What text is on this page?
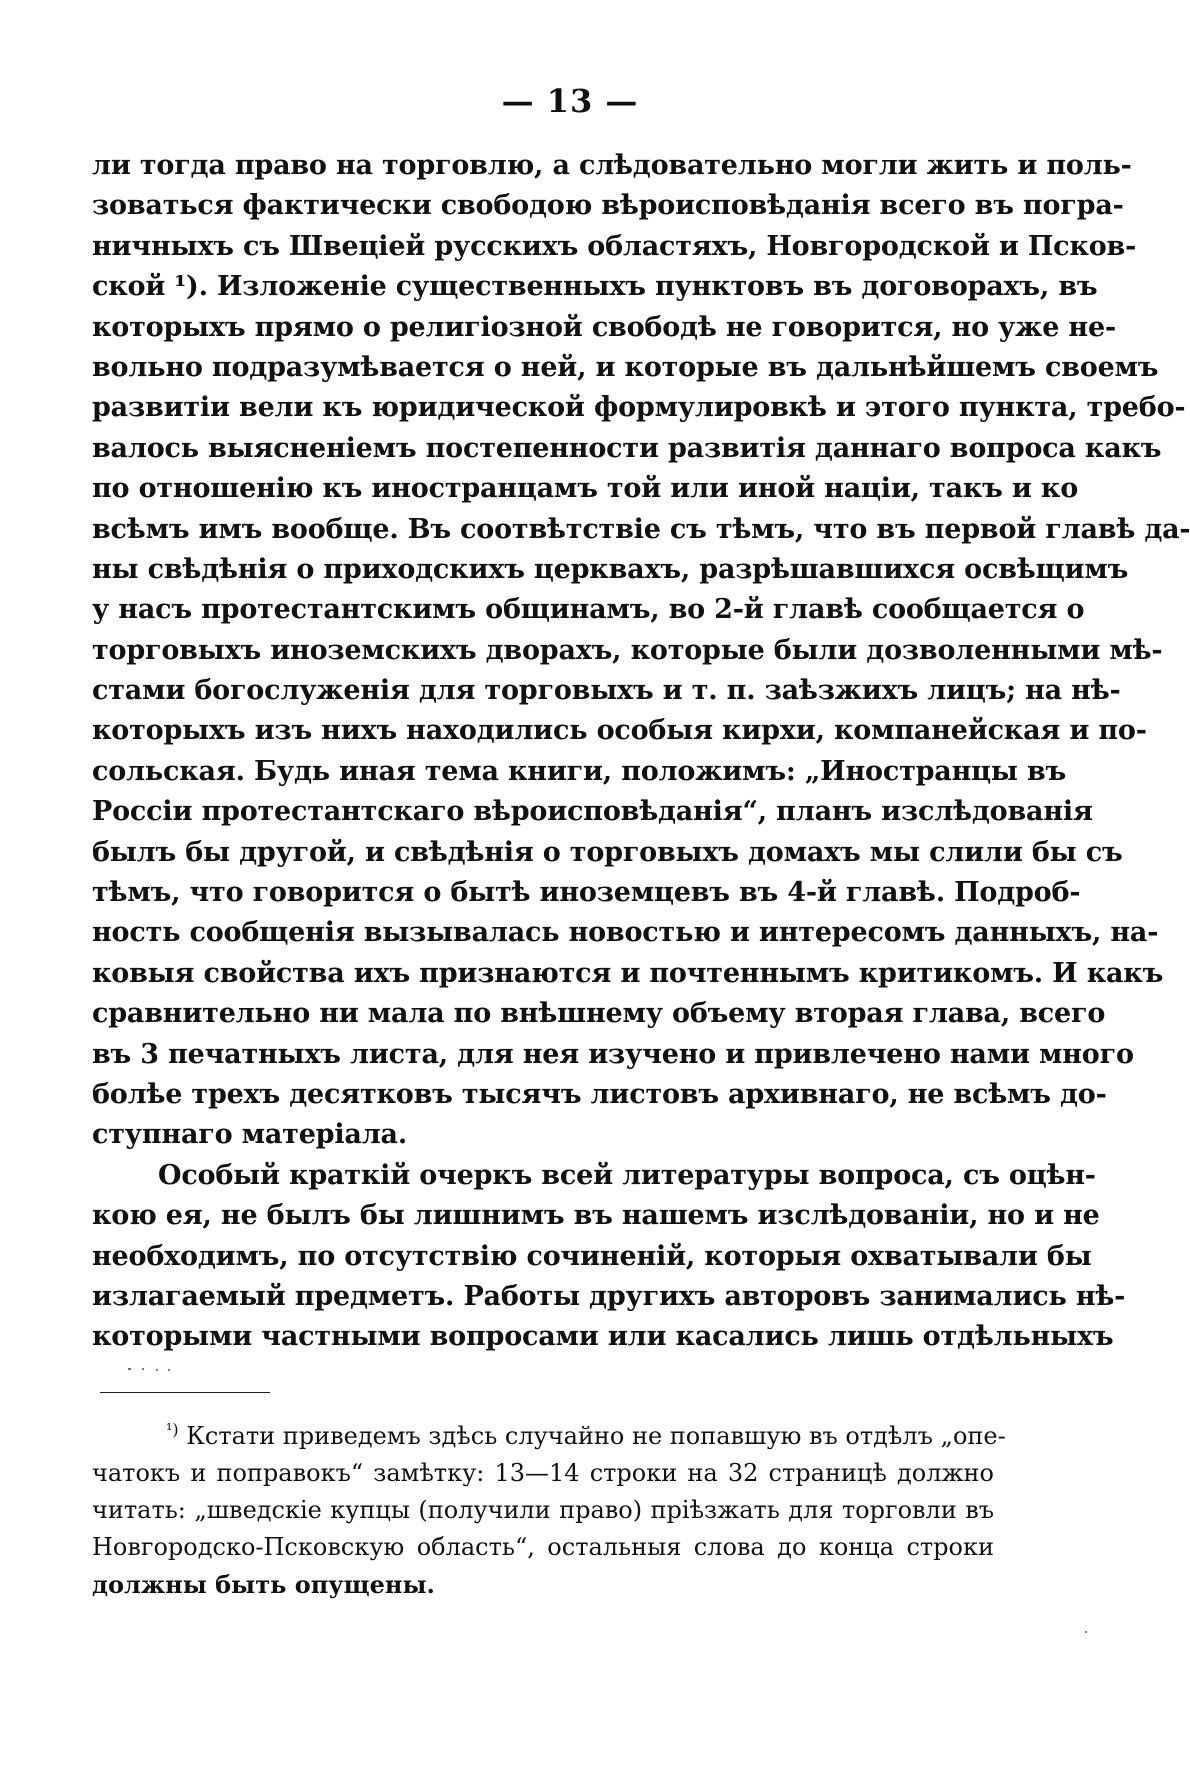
— 13 —
ли тогда право на торговлю, а слѣдовательно могли жить и поль-
зоваться фактически свободою вѣроисповѣданія всего въ погра-
ничныхъ съ Швеціей русскихъ областяхъ, Новгородской и Псков-
ской ¹). Изложеніе существенныхъ пунктовъ въ договорахъ, въ
которыхъ прямо о религіозной свободѣ не говорится, но уже не-
вольно подразумѣвается о ней, и которые въ дальнѣйшемъ своемъ
развитіи вели къ юридической формулировкѣ и этого пункта, требо-
валось выясненіемъ постепенности развитія даннаго вопроса какъ
по отношенію къ иностранцамъ той или иной націи, такъ и ко
всѣмъ имъ вообще. Въ соотвѣтствіе съ тѣмъ, что въ первой главѣ да-
ны свѣдѣнія о приходскихъ церквахъ, разрѣшавшихся освѣщимъ
у насъ протестантскимъ общинамъ, во 2-й главѣ сообщается о
торговыхъ иноземскихъ дворахъ, которые были дозволенными мѣ-
стами богослуженія для торговыхъ и т. п. заѣзжихъ лицъ; на нѣ-
которыхъ изъ нихъ находились особыя кирхи, компанейская и по-
сольская. Будь иная тема книги, положимъ: „Иностранцы въ
Россіи протестантскаго вѣроисповѣданія“, планъ изслѣдованія
былъ бы другой, и свѣдѣнія о торговыхъ домахъ мы слили бы съ
тѣмъ, что говорится о бытѣ иноземцевъ въ 4-й главѣ. Подроб-
ность сообщенія вызывалась новостью и интересомъ данныхъ, на-
ковыя свойства ихъ признаются и почтеннымъ критикомъ. И какъ
сравнительно ни мала по внѣшнему объему вторая глава, всего
въ 3 печатныхъ листа, для нея изучено и привлечено нами много
болѣе трехъ десятковъ тысячъ листовъ архивнаго, не всѣмъ до-
ступнаго матеріала.
Особый краткій очеркъ всей литературы вопроса, съ оцѣн-
кою ея, не былъ бы лишнимъ въ нашемъ изслѣдованіи, но и не
необходимъ, по отсутствію сочиненій, которыя охватывали бы
излагаемый предметъ. Работы другихъ авторовъ занимались нѣ-
которыми частными вопросами или касались лишь отдѣльныхъ
$^{^1)}$ Кстати приведемъ здѣсь случайно не попавшую въ отдѣлъ „опе-
чатокъ и поправокъ“ замѣтку: 13—14 строки на 32 страницѣ должно
читать: „шведскіе купцы (получили право) пріѣзжать для торговли въ
Новгородско-Псковскую область“, остальныя слова до конца строки
должны быть опущены.
